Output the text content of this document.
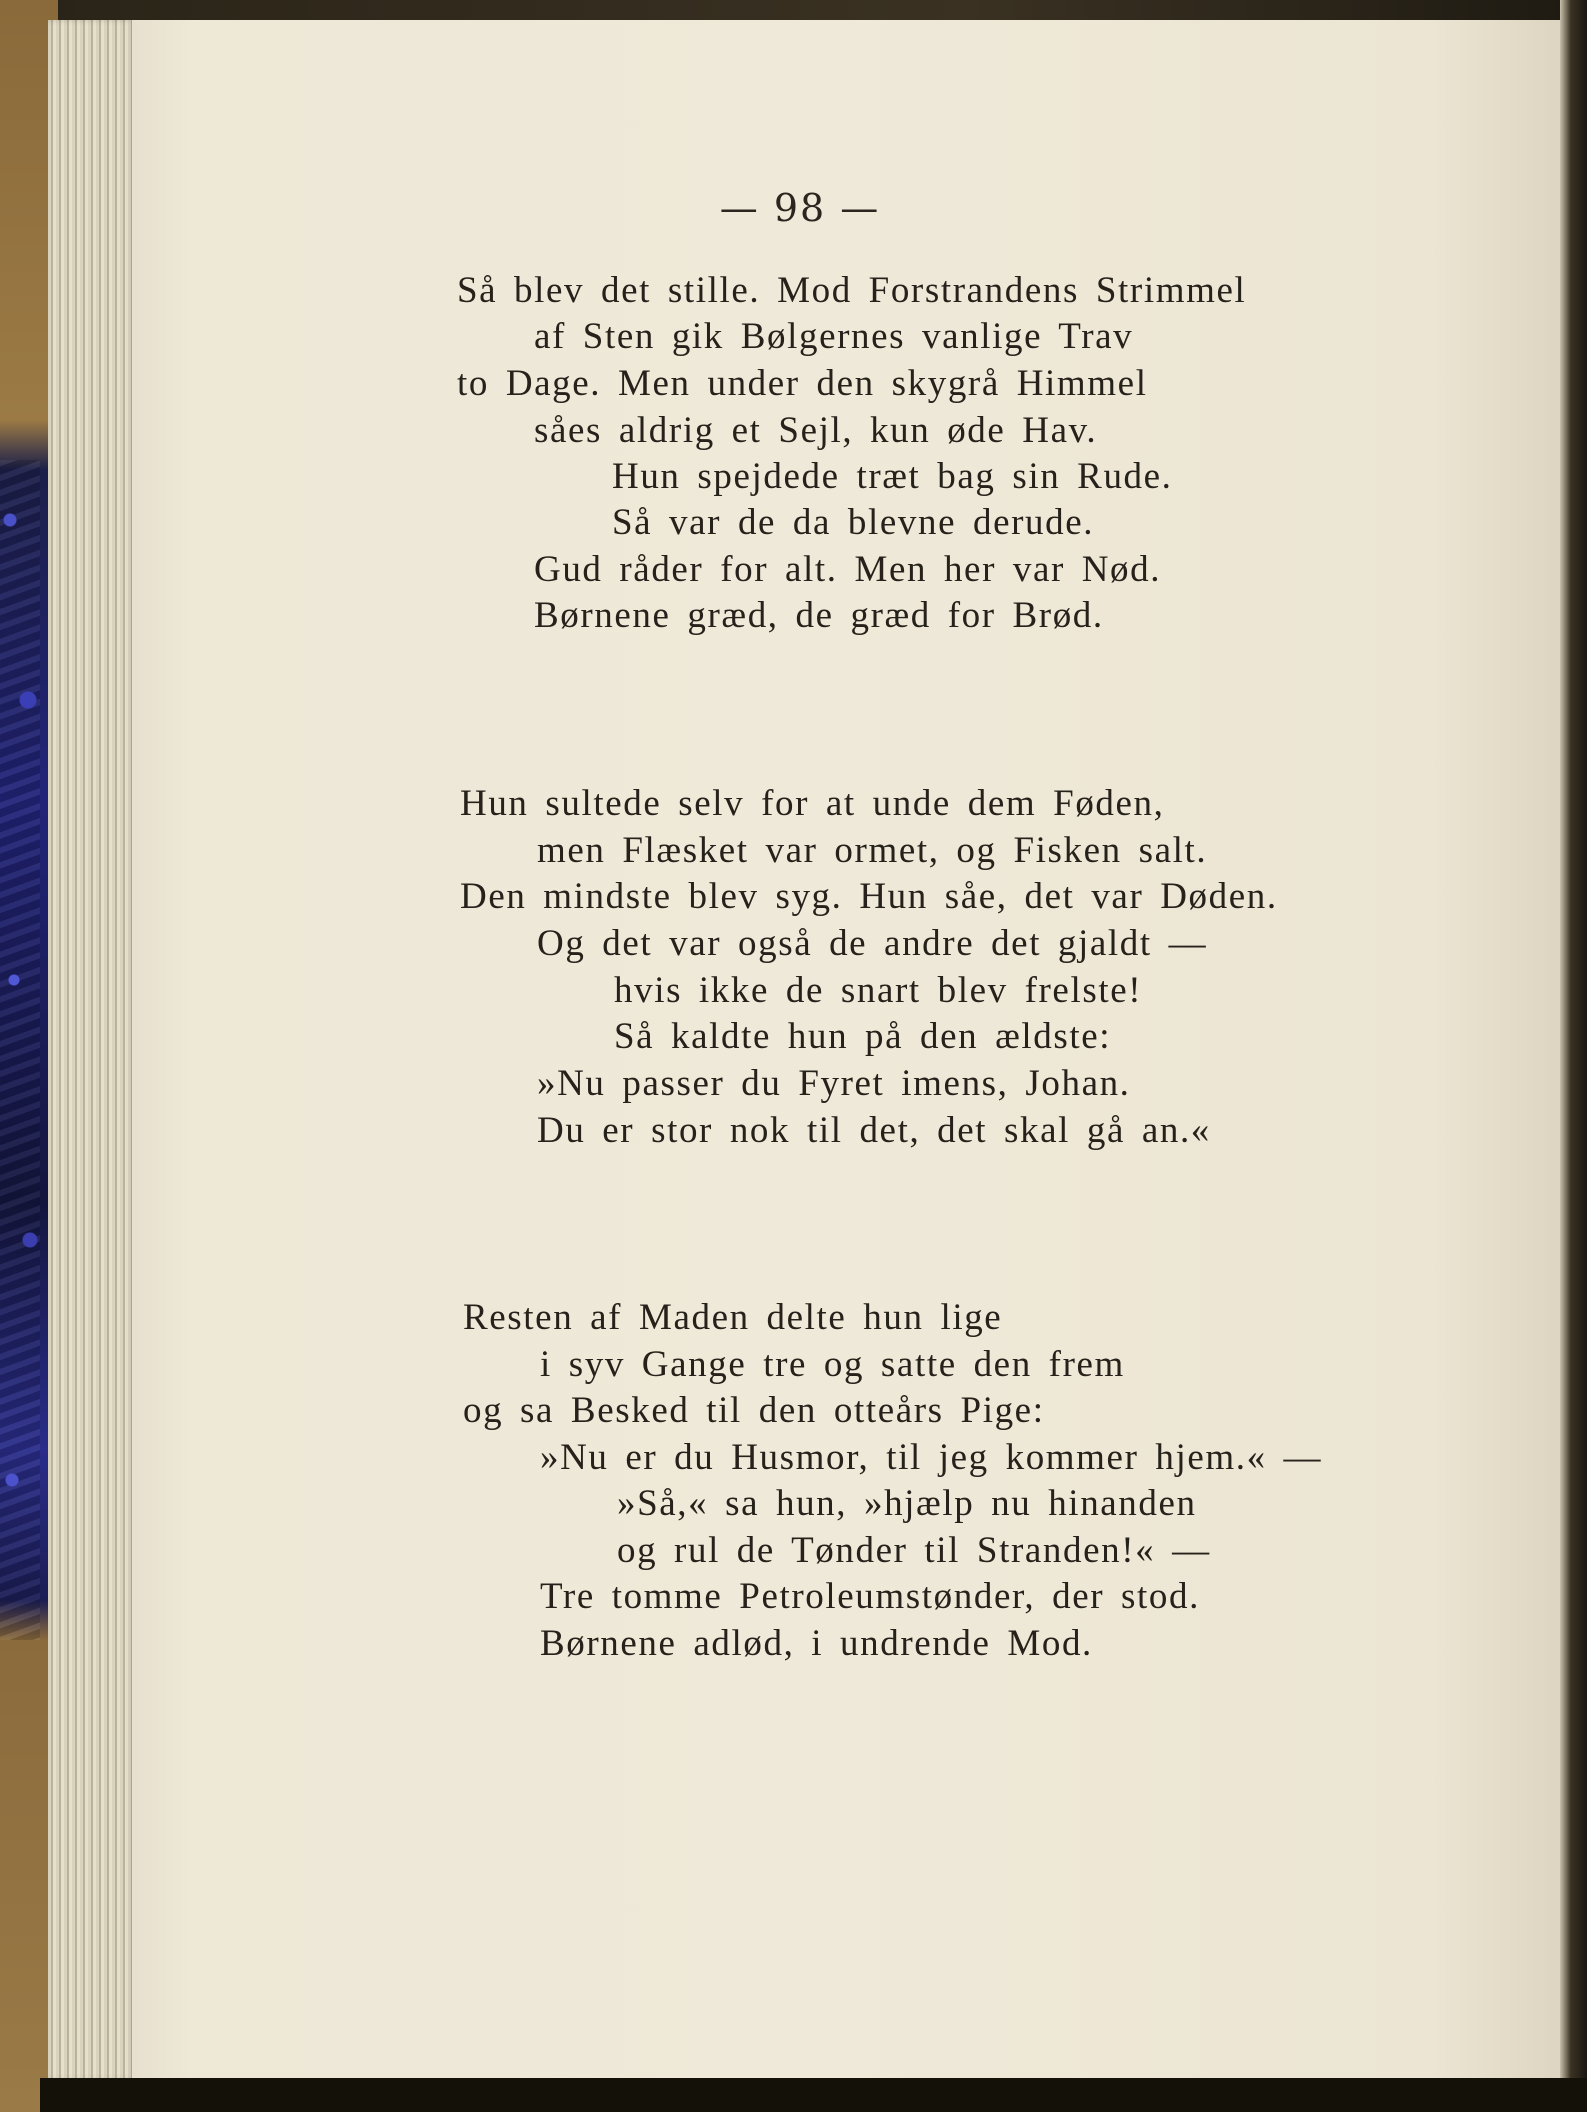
— 98 —
Så blev det stille. Mod Forstrandens Strimmel
af Sten gik Bølgernes vanlige Trav
to Dage. Men under den skygrå Himmel
såes aldrig et Sejl, kun øde Hav.
Hun spejdede træt bag sin Rude.
Så var de da blevne derude.
Gud råder for alt. Men her var Nød.
Børnene græd, de græd for Brød.
Hun sultede selv for at unde dem Føden,
men Flæsket var ormet, og Fisken salt.
Den mindste blev syg. Hun såe, det var Døden.
Og det var også de andre det gjaldt —
hvis ikke de snart blev frelste!
Så kaldte hun på den ældste:
»Nu passer du Fyret imens, Johan.
Du er stor nok til det, det skal gå an.«
Resten af Maden delte hun lige
i syv Gange tre og satte den frem
og sa Besked til den otteårs Pige:
»Nu er du Husmor, til jeg kommer hjem.« —
»Så,« sa hun, »hjælp nu hinanden
og rul de Tønder til Stranden!« —
Tre tomme Petroleumstønder, der stod.
Børnene adlød, i undrende Mod.
